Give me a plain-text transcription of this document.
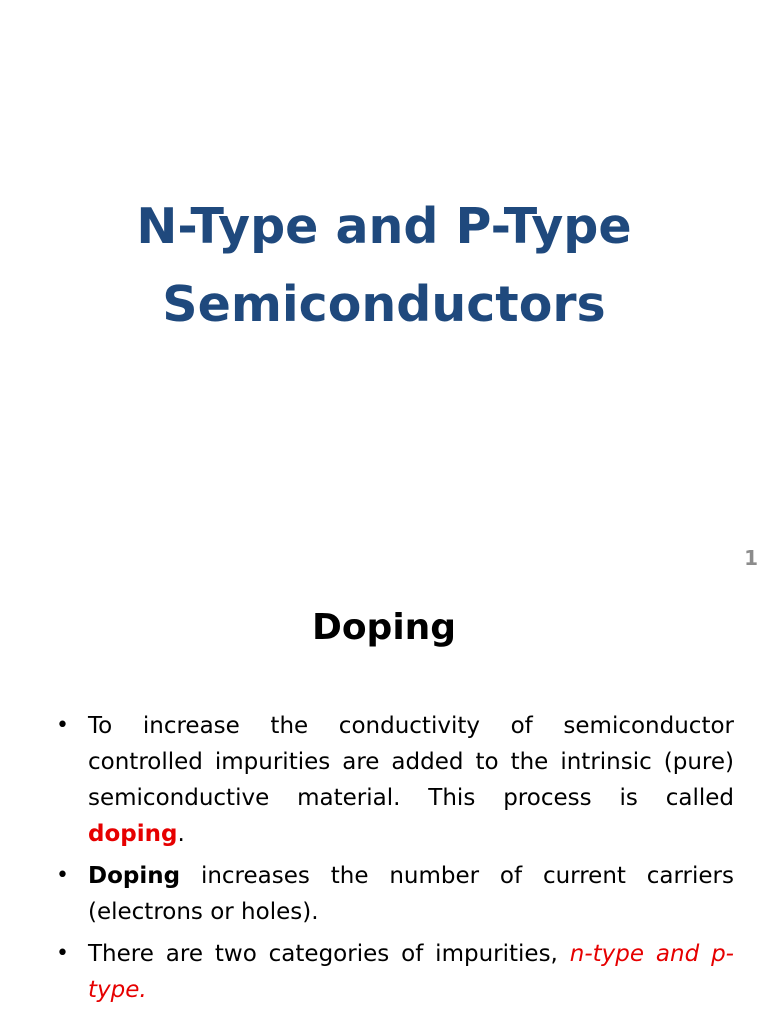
N-Type and P-Type
Semiconductors
1
Doping
• To increase the conductivity of semiconductor controlled impurities are added to the intrinsic (pure) semiconductive material. This process is called doping.
• Doping increases the number of current carriers (electrons or holes).
• There are two categories of impurities, n-type and p-type.
